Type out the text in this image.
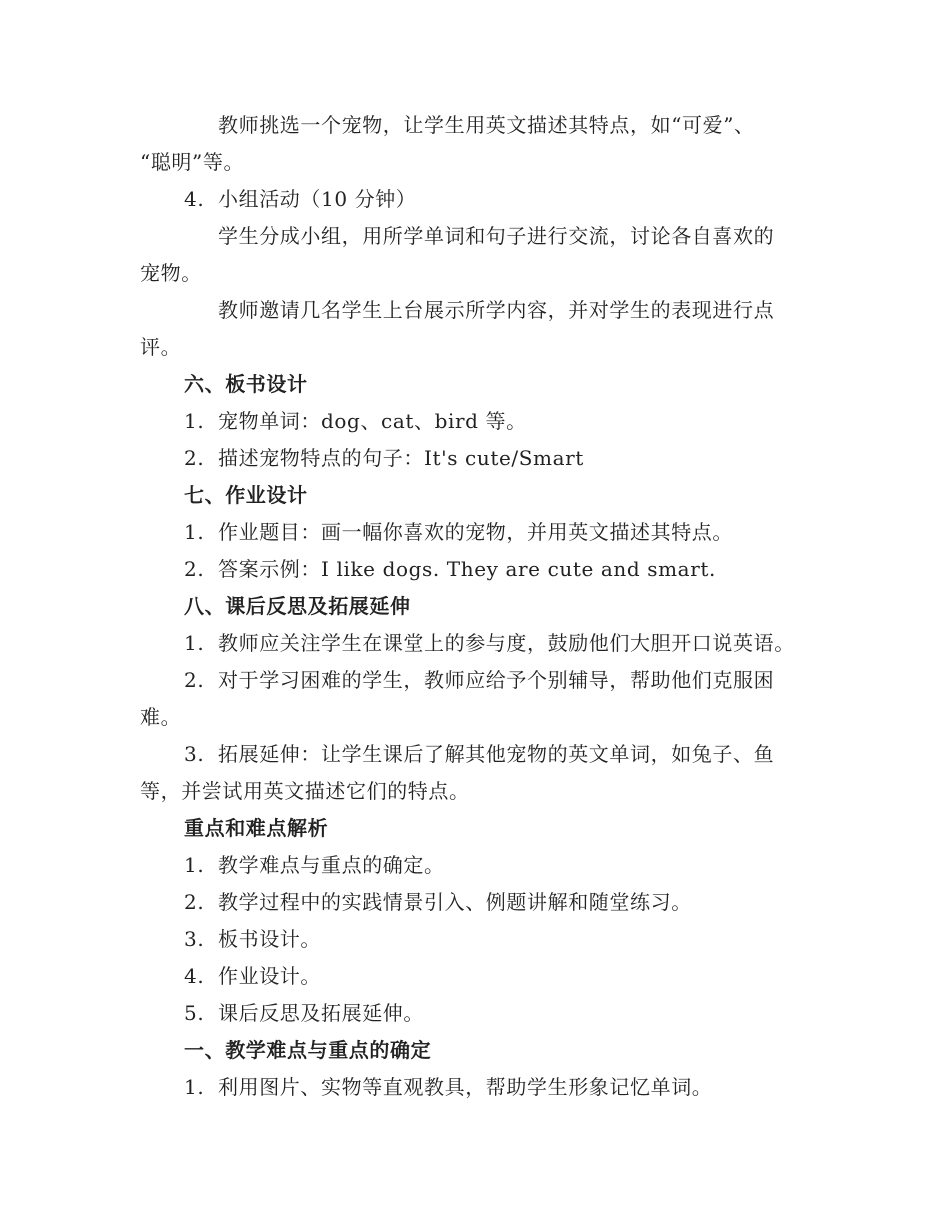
教师挑选一个宠物，让学生用英文描述其特点，如“可爱”、
“聪明”等。
4. 小组活动（10 分钟）
学生分成小组，用所学单词和句子进行交流，讨论各自喜欢的
宠物。
教师邀请几名学生上台展示所学内容，并对学生的表现进行点
评。
六、板书设计
1. 宠物单词：dog、cat、bird 等。
2. 描述宠物特点的句子：It's cute/Smart
七、作业设计
1. 作业题目：画一幅你喜欢的宠物，并用英文描述其特点。
2. 答案示例：I like dogs. They are cute and smart.
八、课后反思及拓展延伸
1. 教师应关注学生在课堂上的参与度，鼓励他们大胆开口说英语。
2. 对于学习困难的学生，教师应给予个别辅导，帮助他们克服困
难。
3. 拓展延伸：让学生课后了解其他宠物的英文单词，如兔子、鱼
等，并尝试用英文描述它们的特点。
重点和难点解析
1. 教学难点与重点的确定。
2. 教学过程中的实践情景引入、例题讲解和随堂练习。
3. 板书设计。
4. 作业设计。
5. 课后反思及拓展延伸。
一、教学难点与重点的确定
1. 利用图片、实物等直观教具，帮助学生形象记忆单词。
